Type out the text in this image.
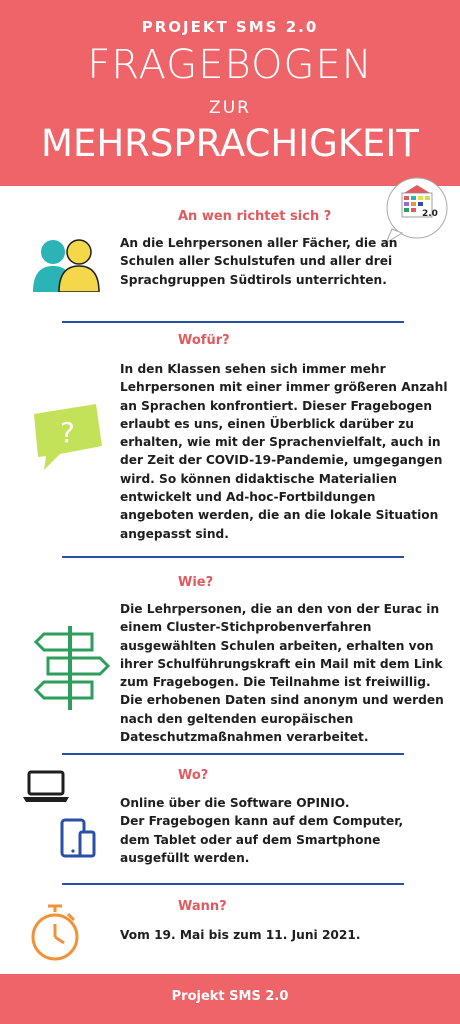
PROJEKT SMS 2.0
FRAGEBOGEN
ZUR
MEHRSPRACHIGKEIT
2.0
An wen richtet sich ?
An die Lehrpersonen aller Fächer, die an
Schulen aller Schulstufen und aller drei
Sprachgruppen Südtirols unterrichten.
Wofür?
?
In den Klassen sehen sich immer mehr
Lehrpersonen mit einer immer größeren Anzahl
an Sprachen konfrontiert. Dieser Fragebogen
erlaubt es uns, einen Überblick darüber zu
erhalten, wie mit der Sprachenvielfalt, auch in
der Zeit der COVID-19-Pandemie, umgegangen
wird. So können didaktische Materialien
entwickelt und Ad-hoc-Fortbildungen
angeboten werden, die an die lokale Situation
angepasst sind.
Wie?
Die Lehrpersonen, die an den von der Eurac in
einem Cluster-Stichprobenverfahren
ausgewählten Schulen arbeiten, erhalten von
ihrer Schulführungskraft ein Mail mit dem Link
zum Fragebogen. Die Teilnahme ist freiwillig.
Die erhobenen Daten sind anonym und werden
nach den geltenden europäischen
Dateschutzmaßnahmen verarbeitet.
Wo?
Online über die Software OPINIO.
Der Fragebogen kann auf dem Computer,
dem Tablet oder auf dem Smartphone
ausgefüllt werden.
Wann?
Vom 19. Mai bis zum 11. Juni 2021.
Projekt SMS 2.0
